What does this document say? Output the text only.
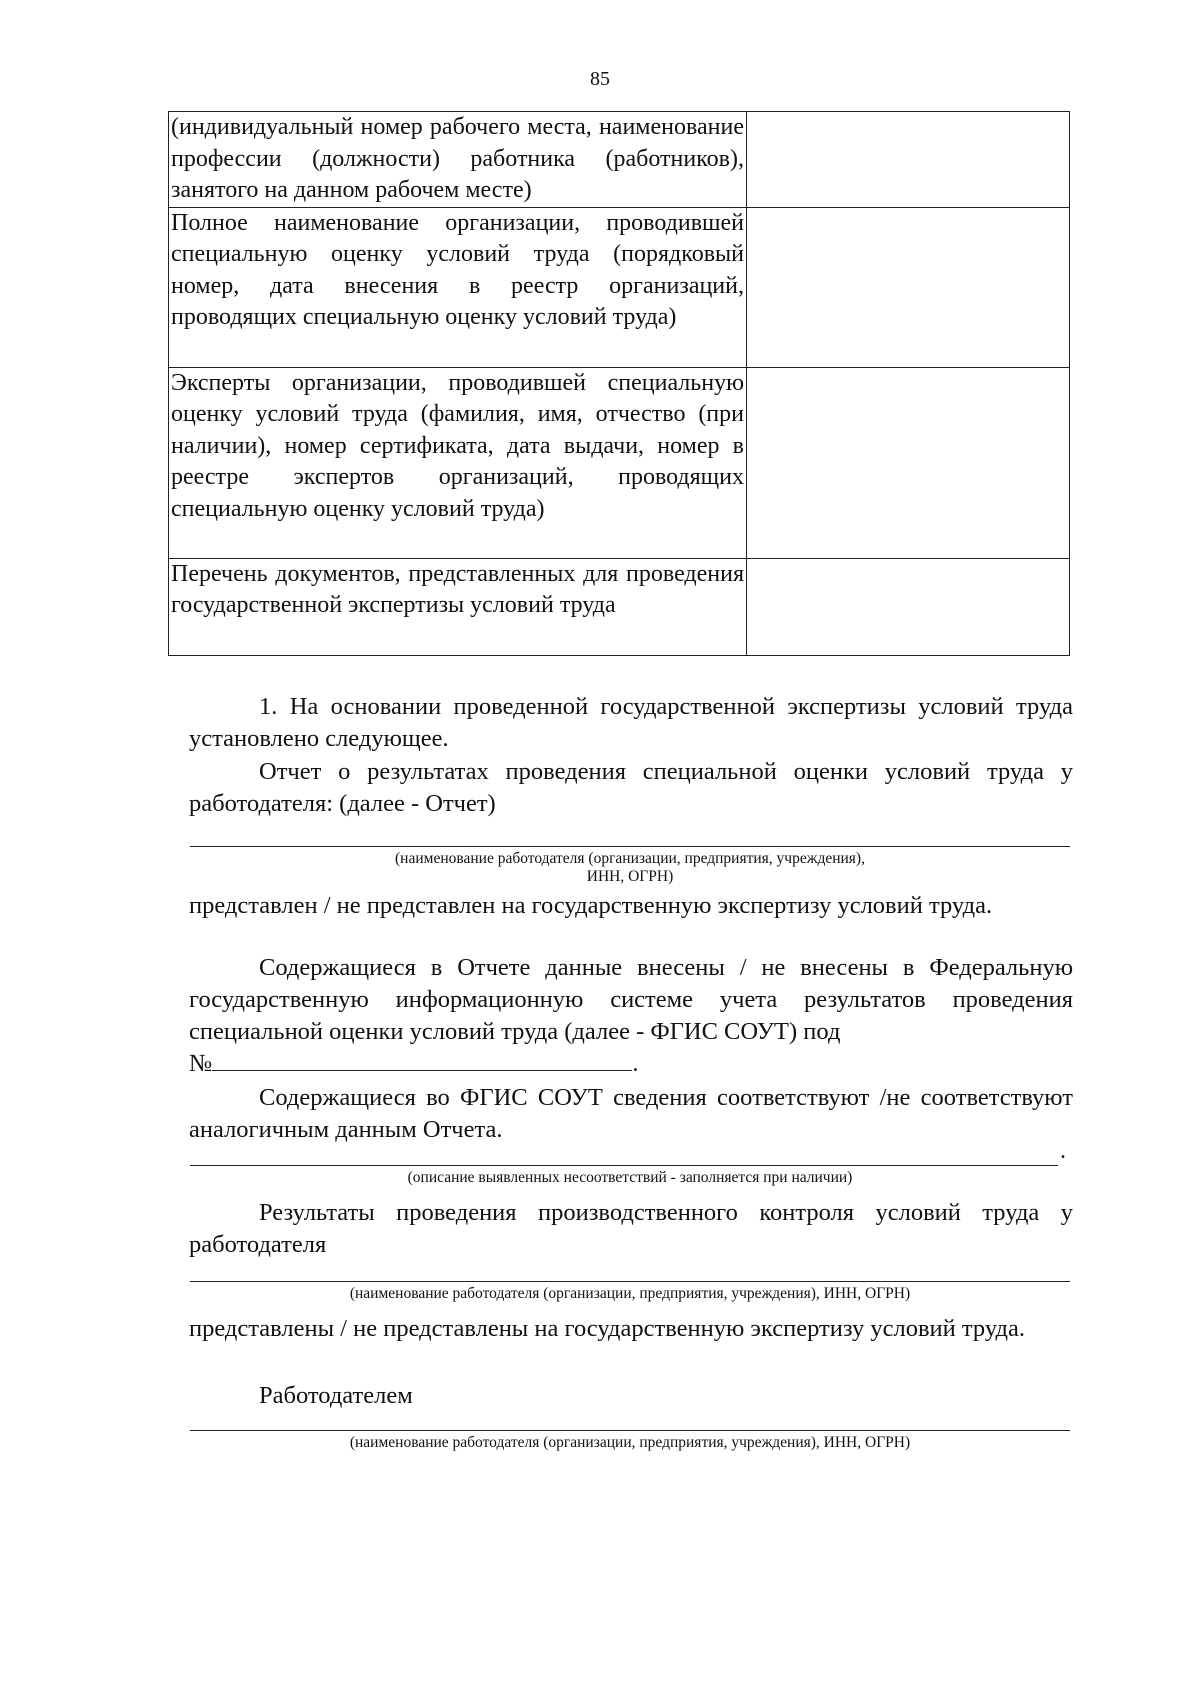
85
(индивидуальный номер рабочего места, наименование профессии (должности) работника (работников), занятого на данном рабочем месте)	
Полное наименование организации, проводившей специальную оценку условий труда (порядковый номер, дата внесения в реестр организаций, проводящих специальную оценку условий труда)	
Эксперты организации, проводившей специальную оценку условий труда (фамилия, имя, отчество (при наличии), номер сертификата, дата выдачи, номер в реестре экспертов организаций, проводящих специальную оценку условий труда)	
Перечень документов, представленных для проведения государственной экспертизы условий труда	
1. На основании проведенной государственной экспертизы условий труда установлено следующее.
Отчет о результатах проведения специальной оценки условий труда у работодателя: (далее - Отчет)
(наименование работодателя (организации, предприятия, учреждения),
ИНН, ОГРН)
представлен / не представлен на государственную экспертизу условий труда.
Содержащиеся в Отчете данные внесены / не внесены в Федеральную государственную информационную системе учета результатов проведения специальной оценки условий труда (далее - ФГИС СОУТ) под
№	.
Содержащиеся во ФГИС СОУТ сведения соответствуют /не соответствуют аналогичным данным Отчета.
.
(описание выявленных несоответствий - заполняется при наличии)
Результаты проведения производственного контроля условий труда у работодателя
(наименование работодателя (организации, предприятия, учреждения), ИНН, ОГРН)
представлены / не представлены на государственную экспертизу условий труда.
Работодателем
(наименование работодателя (организации, предприятия, учреждения), ИНН, ОГРН)
